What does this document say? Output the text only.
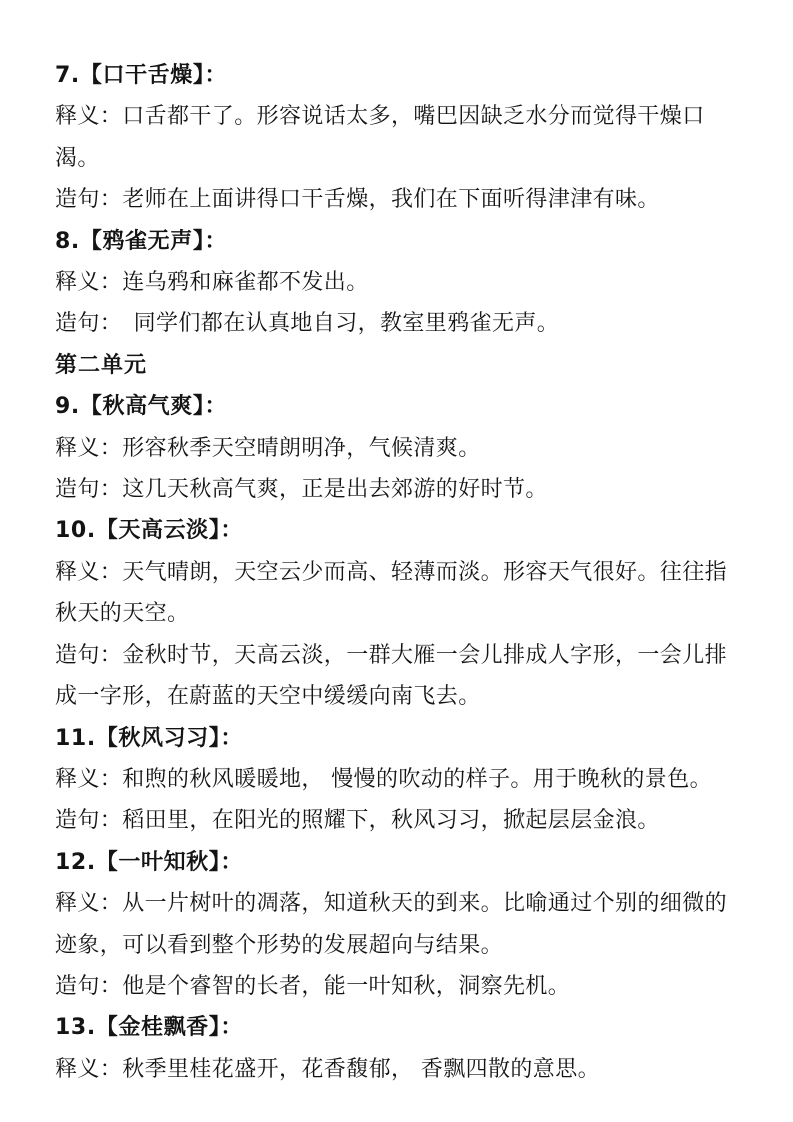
7.【口干舌燥】：

释义：口舌都干了。形容说话太多，嘴巴因缺乏水分而觉得干燥口渴。

造句：老师在上面讲得口干舌燥，我们在下面听得津津有味。

8.【鸦雀无声】：

释义：连乌鸦和麻雀都不发出。

造句：　同学们都在认真地自习，教室里鸦雀无声。

第二单元
9.【秋高气爽】：

释义：形容秋季天空晴朗明净，气候清爽。

造句：这几天秋高气爽，正是出去郊游的好时节。

10.【天高云淡】：

释义：天气晴朗，天空云少而高、轻薄而淡。形容天气很好。往往指秋天的天空。

造句：金秋时节，天高云淡，一群大雁一会儿排成人字形，一会儿排成一字形，在蔚蓝的天空中缓缓向南飞去。

11.【秋风习习】：

释义：和煦的秋风暖暖地， 慢慢的吹动的样子。用于晚秋的景色。

造句：稻田里，在阳光的照耀下，秋风习习，掀起层层金浪。

12.【一叶知秋】：

释义：从一片树叶的凋落，知道秋天的到来。比喻通过个别的细微的迹象，可以看到整个形势的发展超向与结果。

造句：他是个睿智的长者，能一叶知秋，洞察先机。

13.【金桂飘香】：

释义：秋季里桂花盛开，花香馥郁， 香飘四散的意思。
